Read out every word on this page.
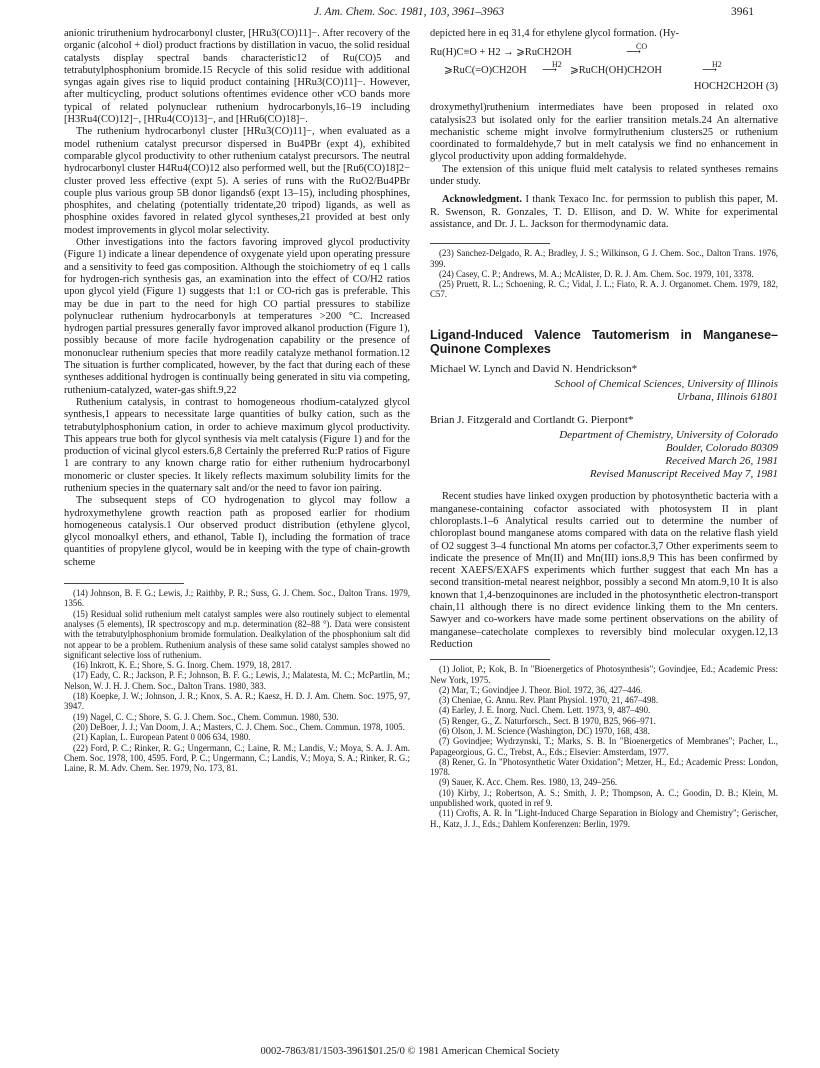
J. Am. Chem. Soc. 1981, 103, 3961–3963	3961

anionic triruthenium hydrocarbonyl cluster, [HRu3(CO)11]−. After recovery of the organic (alcohol + diol) product fractions by distillation in vacuo, the solid residual catalysts display spectral bands characteristic12 of Ru(CO)5 and tetrabutylphosphonium bromide.15 Recycle of this solid residue with additional syngas again gives rise to liquid product containing [HRu3(CO)11]−. However, after multicycling, product solutions oftentimes evidence other νCO bands more typical of related polynuclear ruthenium hydrocarbonyls,16–19 including [H3Ru4(CO)12]−, [HRu4(CO)13]−, and [HRu6(CO)18]−.

The ruthenium hydrocarbonyl cluster [HRu3(CO)11]−, when evaluated as a model ruthenium catalyst precursor dispersed in Bu4PBr (expt 4), exhibited comparable glycol productivity to other ruthenium catalyst precursors. The neutral hydrocarbonyl cluster H4Ru4(CO)12 also performed well, but the [Ru6(CO)18]2− cluster proved less effective (expt 5). A series of runs with the RuO2/Bu4PBr couple plus various group 5B donor ligands6 (expt 13–15), including phosphines, phosphites, and chelating (potentially tridentate,20 tripod) ligands, as well as phosphine oxides favored in related glycol syntheses,21 provided at best only modest improvements in glycol molar selectivity.

Other investigations into the factors favoring improved glycol productivity (Figure 1) indicate a linear dependence of oxygenate yield upon operating pressure and a sensitivity to feed gas composition. Although the stoichiometry of eq 1 calls for hydrogen-rich synthesis gas, an examination into the effect of CO/H2 ratios upon glycol yield (Figure 1) suggests that 1:1 or CO-rich gas is preferable. This may be due in part to the need for high CO partial pressures to stabilize polynuclear ruthenium hydrocarbonyls at temperatures >200 °C. Increased hydrogen partial pressures generally favor improved alkanol production (Figure 1), possibly because of more facile hydrogenation capability or the presence of mononuclear ruthenium species that more readily catalyze methanol formation.12 The situation is further complicated, however, by the fact that during each of these syntheses additional hydrogen is continually being generated in situ via competing, ruthenium-catalyzed, water-gas shift.9,22

Ruthenium catalysis, in contrast to homogeneous rhodium-catalyzed glycol synthesis,1 appears to necessitate large quantities of bulky cation, such as the tetrabutylphosphonium cation, in order to achieve maximum glycol productivity. This appears true both for glycol synthesis via melt catalysis (Figure 1) and for the production of vicinal glycol esters.6,8 Certainly the preferred Ru:P ratios of Figure 1 are contrary to any known charge ratio for either ruthenium hydrocarbonyl monomeric or cluster species. It likely reflects maximum solubility limits for the ruthenium species in the quaternary salt and/or the need to favor ion pairing.

The subsequent steps of CO hydrogenation to glycol may follow a hydroxymethylene growth reaction path as proposed earlier for rhodium homogeneous catalysis.1 Our observed product distribution (ethylene glycol, glycol monoalkyl ethers, and ethanol, Table I), including the formation of trace quantities of propylene glycol, would be in keeping with the type of chain-growth scheme

(14) Johnson, B. F. G.; Lewis, J.; Raithby, P. R.; Suss, G. J. Chem. Soc., Dalton Trans. 1979, 1356.

(15) Residual solid ruthenium melt catalyst samples were also routinely subject to elemental analyses (5 elements), IR spectroscopy and m.p. determination (82–88 °). Data were consistent with the tetrabutylphosphonium bromide formulation. Dealkylation of the phosphonium salt did not appear to be a problem. Ruthenium analysis of these same solid catalyst samples showed no significant selective loss of ruthenium.

(16) Inkrott, K. E.; Shore, S. G. Inorg. Chem. 1979, 18, 2817.

(17) Eady, C. R.; Jackson, P. F.; Johnson, B. F. G.; Lewis, J.; Malatesta, M. C.; McPartlin, M.; Nelson, W. J. H. J. Chem. Soc., Dalton Trans. 1980, 383.

(18) Koepke, J. W.; Johnson, J. R.; Knox, S. A. R.; Kaesz, H. D. J. Am. Chem. Soc. 1975, 97, 3947.

(19) Nagel, C. C.; Shore, S. G. J. Chem. Soc., Chem. Commun. 1980, 530.

(20) DeBoer, J. J.; Van Doom, J. A.; Masters, C. J. Chem. Soc., Chem. Commun. 1978, 1005.

(21) Kaplan, L. European Patent 0 006 634, 1980.

(22) Ford, P. C.; Rinker, R. G.; Ungermann, C.; Laine, R. M.; Landis, V.; Moya, S. A. J. Am. Chem. Soc. 1978, 100, 4595. Ford, P. C.; Ungermann, C.; Landis, V.; Moya, S. A.; Rinker, R. G.; Laine, R. M. Adv. Chem. Ser. 1979, No. 173, 81.

depicted here in eq 31,4 for ethylene glycol formation. (Hy-

Ru(H)C≡O + H2 → ⩾RuCH2OH
CO
⟶
⩾RuC(=O)CH2OH
H2
⟶ ⩾RuCH(OH)CH2OH
H2
⟶
HOCH2CH2OH (3)

droxymethyl)ruthenium intermediates have been proposed in related oxo catalysis23 but isolated only for the earlier transition metals.24 An alternative mechanistic scheme might involve formylruthenium clusters25 or ruthenium coordinated to formaldehyde,7 but in melt catalysis we find no enhancement in glycol productivity upon adding formaldehyde.

The extension of this unique fluid melt catalysis to related syntheses remains under study.

Acknowledgment. I thank Texaco Inc. for permssion to publish this paper, M. R. Swenson, R. Gonzales, T. D. Ellison, and D. W. White for experimental assistance, and Dr. J. L. Jackson for thermodynamic data.

(23) Sanchez-Delgado, R. A.; Bradley, J. S.; Wilkinson, G J. Chem. Soc., Dalton Trans. 1976, 399.

(24) Casey, C. P.; Andrews, M. A.; McAlister, D. R. J. Am. Chem. Soc. 1979, 101, 3378.

(25) Pruett, R. L.; Schoening, R. C.; Vidal, J. L.; Fiato, R. A. J. Organomet. Chem. 1979, 182, C57.

Ligand-Induced Valence Tautomerism in Manganese–Quinone Complexes
Michael W. Lynch and David N. Hendrickson*
School of Chemical Sciences, University of Illinois
Urbana, Illinois 61801
Brian J. Fitzgerald and Cortlandt G. Pierpont*
Department of Chemistry, University of Colorado
Boulder, Colorado 80309
Received March 26, 1981
Revised Manuscript Received May 7, 1981

Recent studies have linked oxygen production by photosynthetic bacteria with a manganese-containing cofactor associated with photosystem II in plant chloroplasts.1–6 Analytical results carried out to determine the number of chloroplast bound manganese atoms compared with data on the relative flash yield of O2 suggest 3–4 functional Mn atoms per cofactor.3,7 Other experiments seem to indicate the presence of Mn(II) and Mn(III) ions.8,9 This has been confirmed by recent XAEFS/EXAFS experiments which further suggest that each Mn has a second transition-metal nearest neighbor, possibly a second Mn atom.9,10 It is also known that 1,4-benzoquinones are included in the photosynthetic electron-transport chain,11 although there is no direct evidence linking them to the Mn centers. Sawyer and co-workers have made some pertinent observations on the ability of manganese–catecholate complexes to reversibly bind molecular oxygen.12,13 Reduction

(1) Joliot, P.; Kok, B. In "Bioenergetics of Photosynthesis"; Govindjee, Ed.; Academic Press: New York, 1975.

(2) Mar, T.; Govindjee J. Theor. Biol. 1972, 36, 427–446.

(3) Cheniae, G. Annu. Rev. Plant Physiol. 1970, 21, 467–498.

(4) Earley, J. E. Inorg. Nucl. Chem. Lett. 1973, 9, 487–490.

(5) Renger, G., Z. Naturforsch., Sect. B 1970, B25, 966–971.

(6) Olson, J. M. Science (Washington, DC) 1970, 168, 438.

(7) Govindjee; Wydrzynski, T.; Marks, S. B. In "Bioenergetics of Membranes"; Pacher, L., Papageorgious, G. C., Trebst, A., Eds.; Elsevier: Amsterdam, 1977.

(8) Rener, G. In "Photosynthetic Water Oxidation"; Metzer, H., Ed.; Academic Press: London, 1978.

(9) Sauer, K. Acc. Chem. Res. 1980, 13, 249–256.

(10) Kirby, J.; Robertson, A. S.; Smith, J. P.; Thompson, A. C.; Goodin, D. B.; Klein, M. unpublished work, quoted in ref 9.

(11) Crofts, A. R. In "Light-Induced Charge Separation in Biology and Chemistry"; Gerischer, H., Katz, J. J., Eds.; Dahlem Konferenzen: Berlin, 1979.

0002-7863/81/1503-3961$01.25/0 © 1981 American Chemical Society
